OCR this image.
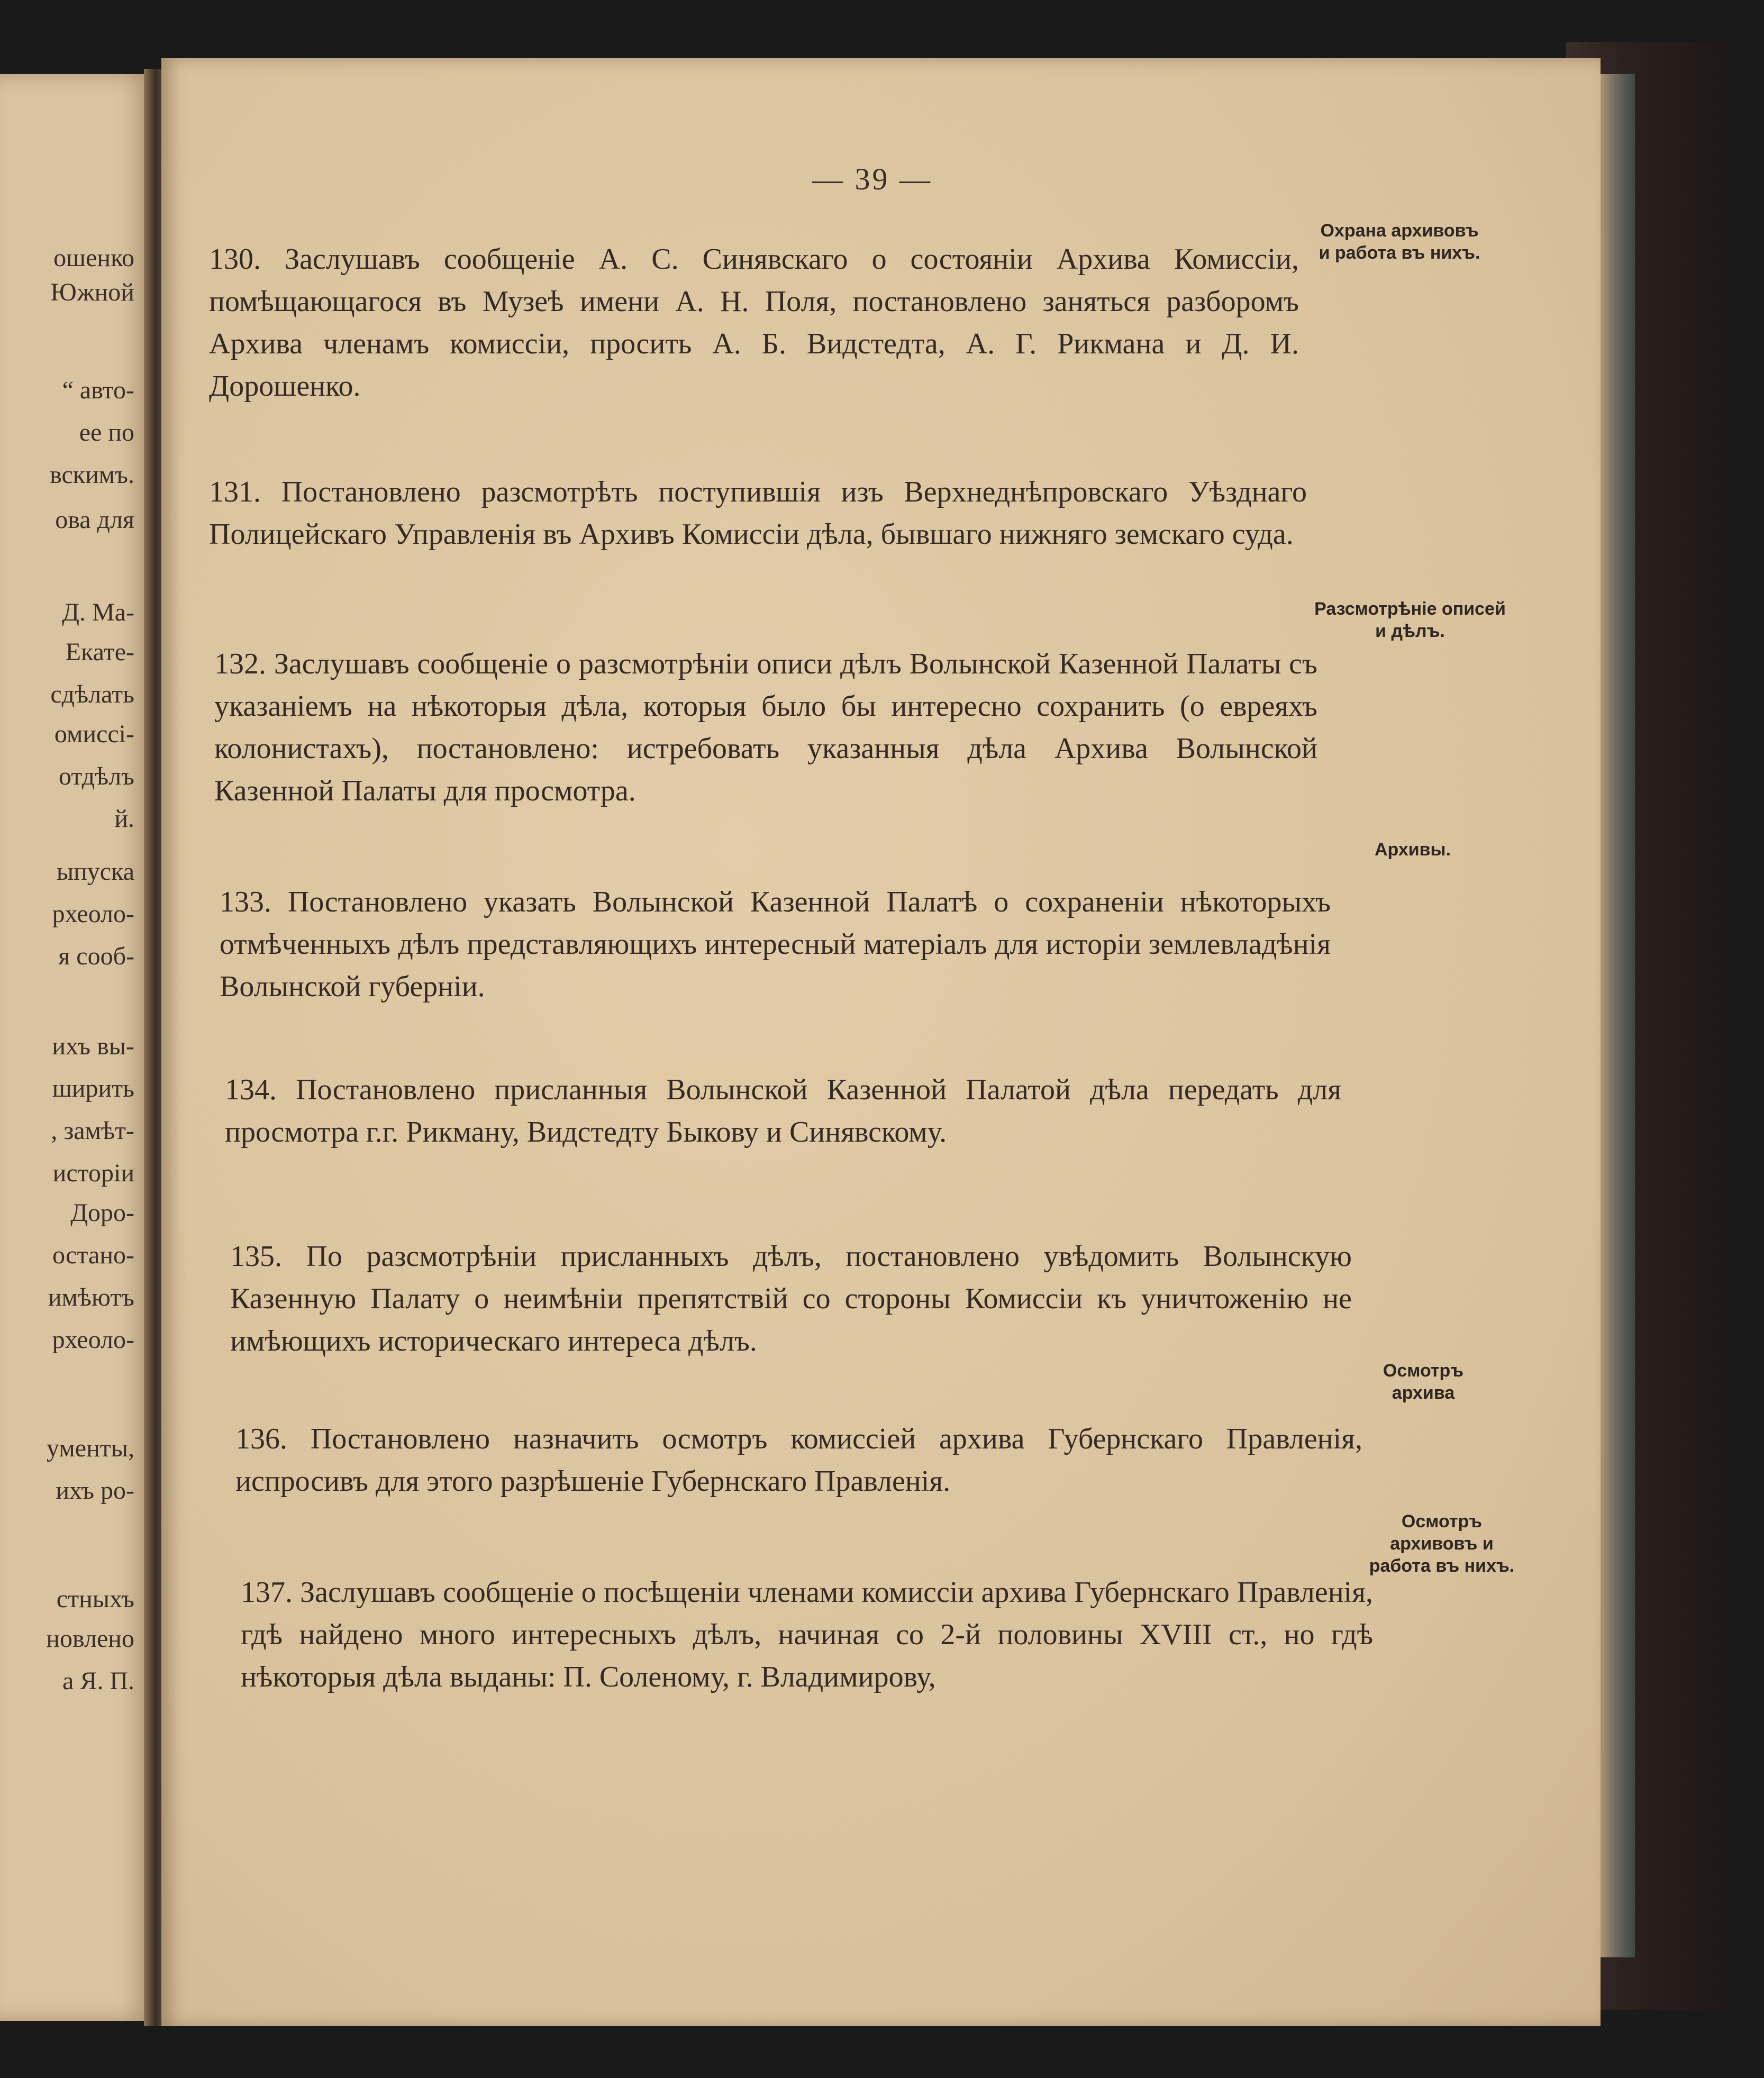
ошенко
Южной
“ авто-
ее по
вскимъ.
ова для
Д. Ма-
Екате-
сдѣлать
омиссі-
отдѣлъ
й.
ыпуска
рхеоло-
я сооб-
ихъ вы-
ширить
, замѣт-
исторіи
Доро-
остано-
имѣютъ
рхеоло-
ументы,
ихъ ро-
стныхъ
новлено
а Я. П.
— 39 —
130. Заслушавъ сообщеніе А. С. Синявскаго о состояніи Архива Комиссіи, помѣщающагося въ Музеѣ имени А. Н. Поля, постановлено заняться разборомъ Архива членамъ комиссіи, просить А. Б. Видстедта, А. Г. Рикмана и Д. И. Дорошенко.
131. Постановлено разсмотрѣть поступившія изъ Верхнеднѣпровскаго Уѣзднаго Полицейскаго Управленія въ Архивъ Комиссіи дѣла, бывшаго нижняго земскаго суда.
132. Заслушавъ сообщеніе о разсмотрѣніи описи дѣлъ Волынской Казенной Палаты съ указаніемъ на нѣкоторыя дѣла, которыя было бы интересно сохранить (о евреяхъ колонистахъ), постановлено: истребовать указанныя дѣла Архива Волынской Казенной Палаты для просмотра.
133. Постановлено указать Волынской Казенной Палатѣ о сохраненіи нѣкоторыхъ отмѣченныхъ дѣлъ представляющихъ интересный матеріалъ для исторіи землевладѣнія Волынской губерніи.
134. Постановлено присланныя Волынской Казенной Палатой дѣла передать для просмотра г.г. Рикману, Видстедту Быкову и Синявскому.
135. По разсмотрѣніи присланныхъ дѣлъ, постановлено увѣдомить Волынскую Казенную Палату о неимѣніи препятствій со стороны Комиссіи къ уничтоженію не имѣющихъ историческаго интереса дѣлъ.
136. Постановлено назначить осмотръ комиссіей архива Губернскаго Правленія, испросивъ для этого разрѣшеніе Губернскаго Правленія.
137. Заслушавъ сообщеніе о посѣщеніи членами комиссіи архива Губернскаго Правленія, гдѣ найдено много интересныхъ дѣлъ, начиная со 2-й половины XVIII ст., но гдѣ нѣкоторыя дѣла выданы: П. Соленому, г. Владимирову,
Охрана архивовъ и работа въ нихъ.
Разсмотрѣніе описей и дѣлъ.
Архивы.
Осмотръ архива
Осмотръ архивовъ и работа въ нихъ.
